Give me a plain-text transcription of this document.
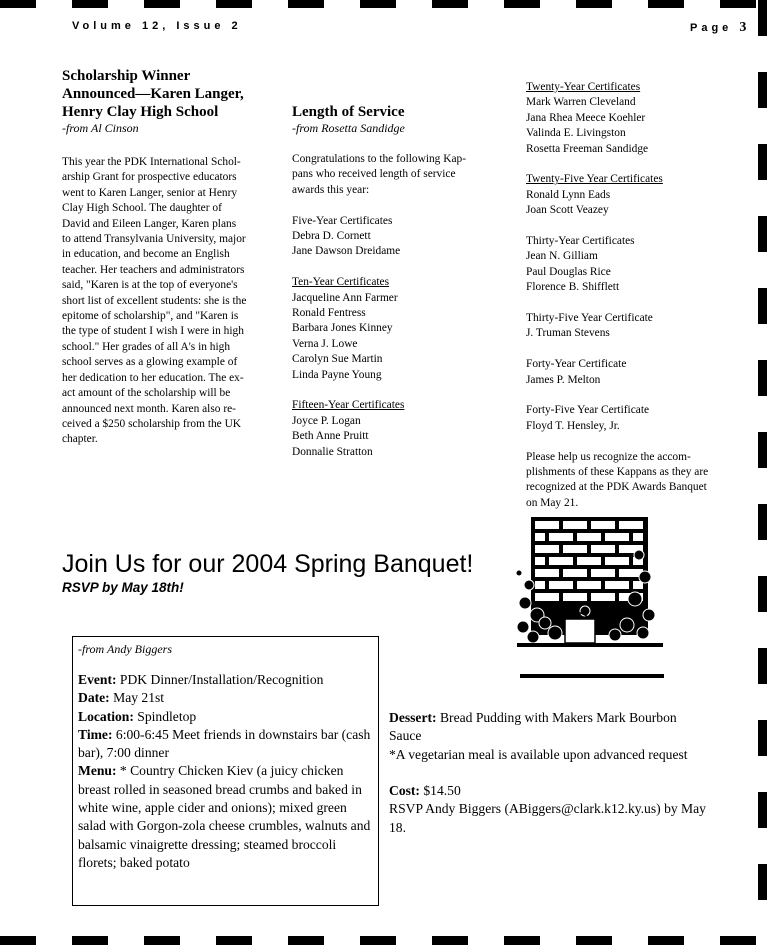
Volume 12, Issue 2	Page 3

Scholarship Winner

Announced—Karen Langer,

Henry Clay High School

-from Al Cinson

This year the PDK International Schol-

arship Grant for prospective educators

went to Karen Langer, senior at Henry

Clay High School. The daughter of

David and Eileen Langer, Karen plans

to attend Transylvania University, major

in education, and become an English

teacher. Her teachers and administrators

said, "Karen is at the top of everyone's

short list of excellent students: she is the

epitome of scholarship", and "Karen is

the type of student I wish I were in high

school." Her grades of all A's in high

school serves as a glowing example of

her dedication to her education. The ex-

act amount of the scholarship will be

announced next month. Karen also re-

ceived a $250 scholarship from the UK

chapter.

Length of Service

-from Rosetta Sandidge

Congratulations to the following Kap-

pans who received length of service

awards this year:

Five-Year Certificates

Debra D. Cornett

Jane Dawson Dreidame

Ten-Year Certificates

Jacqueline Ann Farmer

Ronald Fentress

Barbara Jones Kinney

Verna J. Lowe

Carolyn Sue Martin

Linda Payne Young

Fifteen-Year Certificates

Joyce P. Logan

Beth Anne Pruitt

Donnalie Stratton

Twenty-Year Certificates

Mark Warren Cleveland

Jana Rhea Meece Koehler

Valinda E. Livingston

Rosetta Freeman Sandidge

Twenty-Five Year Certificates

Ronald Lynn Eads

Joan Scott Veazey

Thirty-Year Certificates

Jean N. Gilliam

Paul Douglas Rice

Florence B. Shifflett

Thirty-Five Year Certificate

J. Truman Stevens

Forty-Year Certificate

James P. Melton

Forty-Five Year Certificate

Floyd T. Hensley, Jr.

Please help us recognize the accom-

plishments of these Kappans as they are

recognized at the PDK Awards Banquet

on May 21.

Join Us for our 2004 Spring Banquet!
RSVP by May 18th!

-from Andy Biggers

Event: PDK Dinner/Installation/Recognition

Date: May 21st

Location: Spindletop

Time: 6:00-6:45 Meet friends in downstairs bar (cash bar), 7:00 dinner

Menu: * Country Chicken Kiev (a juicy chicken breast rolled in seasoned bread crumbs and baked in white wine, apple cider and onions); mixed green salad with Gorgon-zola cheese crumbles, walnuts and balsamic vinaigrette dressing; steamed broccoli florets; baked potato

Dessert: Bread Pudding with Makers Mark Bourbon Sauce

*A vegetarian meal is available upon advanced request

Cost: $14.50

RSVP Andy Biggers (ABiggers@clark.k12.ky.us) by May 18.
